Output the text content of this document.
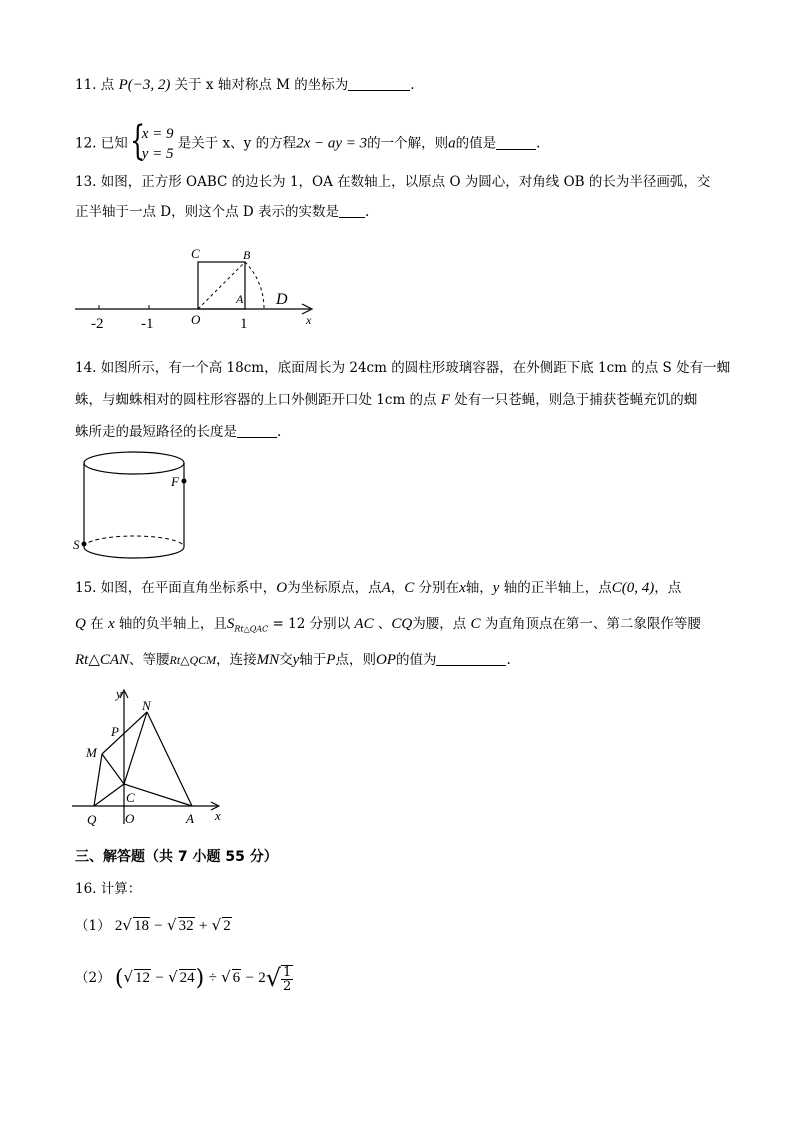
11. 点 P(−3, 2) 关于 x 轴对称点 M 的坐标为	.
12. 已知 {
x = 9
y = 5
是关于 x、y 的方程2x − ay = 3的一个解，则a的值是	.
13. 如图，正方形 OABC 的边长为 1，OA 在数轴上，以原点 O 为圆心，对角线 OB 的长为半径画弧，交
正半轴于一点 D，则这个点 D 表示的实数是 .
C	B
A D
O	x
-2	-1	1
14. 如图所示，有一个高 18cm，底面周长为 24cm 的圆柱形玻璃容器，在外侧距下底 1cm 的点 S 处有一蜘
蛛，与蜘蛛相对的圆柱形容器的上口外侧距开口处 1cm 的点 F 处有一只苍蝇，则急于捕获苍蝇充饥的蜘
蛛所走的最短路径的长度是	.
F
S
15. 如图，在平面直角坐标系中，O为坐标原点，点A，C 分别在x轴，y 轴的正半轴上，点C(0, 4)，点
Q 在 x 轴的负半轴上，且$S_{Rt\triangle QAC} = 12$ 分别以 AC 、CQ为腰，点 C 为直角顶点在第一、第二象限作等腰
Rt△CAN、等腰Rt△QCM，连接MN交y轴于P点，则OP的值为	.
y
N
P
M
C
Q O	A x
三、解答题（共 7 小题 55 分）
16. 计算：
（1） 2√ 18 − √ 32 + √ 2
（2） (√ 12 − √ 24) ÷ √ $6 - 2√ \frac{1}{2}$
